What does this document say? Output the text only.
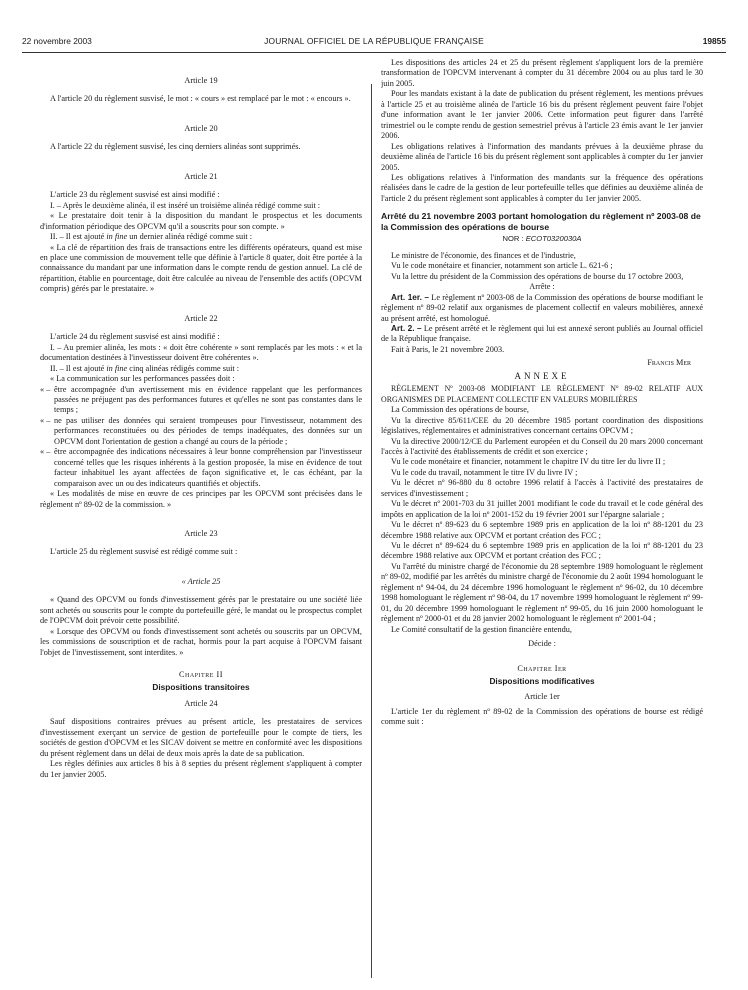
22 novembre 2003	JOURNAL OFFICIEL DE LA RÉPUBLIQUE FRANÇAISE	19855
Article 19

A l'article 20 du règlement susvisé, le mot : « cours » est remplacé par le mot : « encours ».

Article 20

A l'article 22 du règlement susvisé, les cinq derniers alinéas sont supprimés.

Article 21

L'article 23 du règlement susvisé est ainsi modifié :

I. – Après le deuxième alinéa, il est inséré un troisième alinéa rédigé comme suit :

« Le prestataire doit tenir à la disposition du mandant le prospectus et les documents d'information périodique des OPCVM qu'il a souscrits pour son compte. »

II. – Il est ajouté in fine un dernier alinéa rédigé comme suit :

« La clé de répartition des frais de transactions entre les différents opérateurs, quand est mise en place une commission de mouvement telle que définie à l'article 8 quater, doit être portée à la connaissance du mandant par une information dans le compte rendu de gestion annuel. La clé de répartition, établie en pourcentage, doit être calculée au niveau de l'ensemble des actifs (OPCVM compris) gérés par le prestataire. »

Article 22

L'article 24 du règlement susvisé est ainsi modifié :

I. – Au premier alinéa, les mots : « doit être cohérente » sont remplacés par les mots : « et la documentation destinées à l'investisseur doivent être cohérentes ».

II. – Il est ajouté in fine cinq alinéas rédigés comme suit :

« La communication sur les performances passées doit :

« – être accompagnée d'un avertissement mis en évidence rappelant que les performances passées ne préjugent pas des performances futures et qu'elles ne sont pas constantes dans le temps ;
« – ne pas utiliser des données qui seraient trompeuses pour l'investisseur, notamment des performances reconstituées ou des périodes de temps inadéquates, des données sur un OPCVM dont l'orientation de gestion a changé au cours de la période ;
« – être accompagnée des indications nécessaires à leur bonne compréhension par l'investisseur concerné telles que les risques inhérents à la gestion proposée, la mise en évidence de tout facteur inhabituel les ayant affectées de façon significative et, le cas échéant, par la comparaison avec un ou des indicateurs quantifiés et objectifs.

« Les modalités de mise en œuvre de ces principes par les OPCVM sont précisées dans le règlement nº 89-02 de la commission. »

Article 23

L'article 25 du règlement susvisé est rédigé comme suit :

« Article 25

« Quand des OPCVM ou fonds d'investissement gérés par le prestataire ou une société liée sont achetés ou souscrits pour le compte du portefeuille géré, le mandat ou le prospectus complet de l'OPCVM doit prévoir cette possibilité.

« Lorsque des OPCVM ou fonds d'investissement sont achetés ou souscrits par un OPCVM, les commissions de souscription et de rachat, hormis pour la part acquise à l'OPCVM faisant l'objet de l'investissement, sont interdites. »

Chapitre II
Dispositions transitoires
Article 24

Sauf dispositions contraires prévues au présent article, les prestataires de services d'investissement exerçant un service de gestion de portefeuille pour le compte de tiers, les sociétés de gestion d'OPCVM et les SICAV doivent se mettre en conformité avec les dispositions du présent règlement dans un délai de deux mois après la date de sa publication.

Les règles définies aux articles 8 bis à 8 septies du présent règlement s'appliquent à compter du 1er janvier 2005.

Les dispositions des articles 24 et 25 du présent règlement s'appliquent lors de la première transformation de l'OPCVM intervenant à compter du 31 décembre 2004 ou au plus tard le 30 juin 2005.

Pour les mandats existant à la date de publication du présent règlement, les mentions prévues à l'article 25 et au troisième alinéa de l'article 16 bis du présent règlement peuvent faire l'objet d'une information avant le 1er janvier 2006. Cette information peut figurer dans l'arrêté trimestriel ou le compte rendu de gestion semestriel prévus à l'article 23 émis avant le 1er janvier 2006.

Les obligations relatives à l'information des mandants prévues à la deuxième phrase du deuxième alinéa de l'article 16 bis du présent règlement sont applicables à compter du 1er janvier 2005.

Les obligations relatives à l'information des mandants sur la fréquence des opérations réalisées dans le cadre de la gestion de leur portefeuille telles que définies au deuxième alinéa de l'article 2 du présent règlement sont applicables à compter du 1er janvier 2005.

Arrêté du 21 novembre 2003 portant homologation du règlement nº 2003-08 de la Commission des opérations de bourse
NOR : ECOT0320030A

Le ministre de l'économie, des finances et de l'industrie,

Vu le code monétaire et financier, notamment son article L. 621-6 ;

Vu la lettre du président de la Commission des opérations de bourse du 17 octobre 2003,

Arrête :

Art. 1er. – Le règlement nº 2003-08 de la Commission des opérations de bourse modifiant le règlement nº 89-02 relatif aux organismes de placement collectif en valeurs mobilières, annexé au présent arrêté, est homologué.

Art. 2. – Le présent arrêté et le règlement qui lui est annexé seront publiés au Journal officiel de la République française.

Fait à Paris, le 21 novembre 2003.

Francis Mer
ANNEXE

RÈGLEMENT Nº 2003-08 MODIFIANT LE RÈGLEMENT Nº 89-02 RELATIF AUX ORGANISMES DE PLACEMENT COLLECTIF EN VALEURS MOBILIÈRES

La Commission des opérations de bourse,

Vu la directive 85/611/CEE du 20 décembre 1985 portant coordination des dispositions législatives, réglementaires et administratives concernant certains OPCVM ;

Vu la directive 2000/12/CE du Parlement européen et du Conseil du 20 mars 2000 concernant l'accès à l'activité des établissements de crédit et son exercice ;

Vu le code monétaire et financier, notamment le chapitre IV du titre Ier du livre II ;

Vu le code du travail, notamment le titre IV du livre IV ;

Vu le décret nº 96-880 du 8 octobre 1996 relatif à l'accès à l'activité des prestataires de services d'investissement ;

Vu le décret nº 2001-703 du 31 juillet 2001 modifiant le code du travail et le code général des impôts en application de la loi nº 2001-152 du 19 février 2001 sur l'épargne salariale ;

Vu le décret nº 89-623 du 6 septembre 1989 pris en application de la loi nº 88-1201 du 23 décembre 1988 relative aux OPCVM et portant création des FCC ;

Vu le décret nº 89-624 du 6 septembre 1989 pris en application de la loi nº 88-1201 du 23 décembre 1988 relative aux OPCVM et portant création des FCC ;

Vu l'arrêté du ministre chargé de l'économie du 28 septembre 1989 homologuant le règlement nº 89-02, modifié par les arrêtés du ministre chargé de l'économie du 2 août 1994 homologuant le règlement nº 94-04, du 24 décembre 1996 homologuant le règlement nº 96-02, du 10 décembre 1998 homologuant le règlement nº 98-04, du 17 novembre 1999 homologuant le règlement nº 99-01, du 20 décembre 1999 homologuant le règlement nº 99-05, du 16 juin 2000 homologuant le règlement nº 2000-01 et du 28 janvier 2002 homologuant le règlement nº 2001-04 ;

Le Comité consultatif de la gestion financière entendu,

Décide :

Chapitre Ier
Dispositions modificatives
Article 1er

L'article 1er du règlement nº 89-02 de la Commission des opérations de bourse est rédigé comme suit :
